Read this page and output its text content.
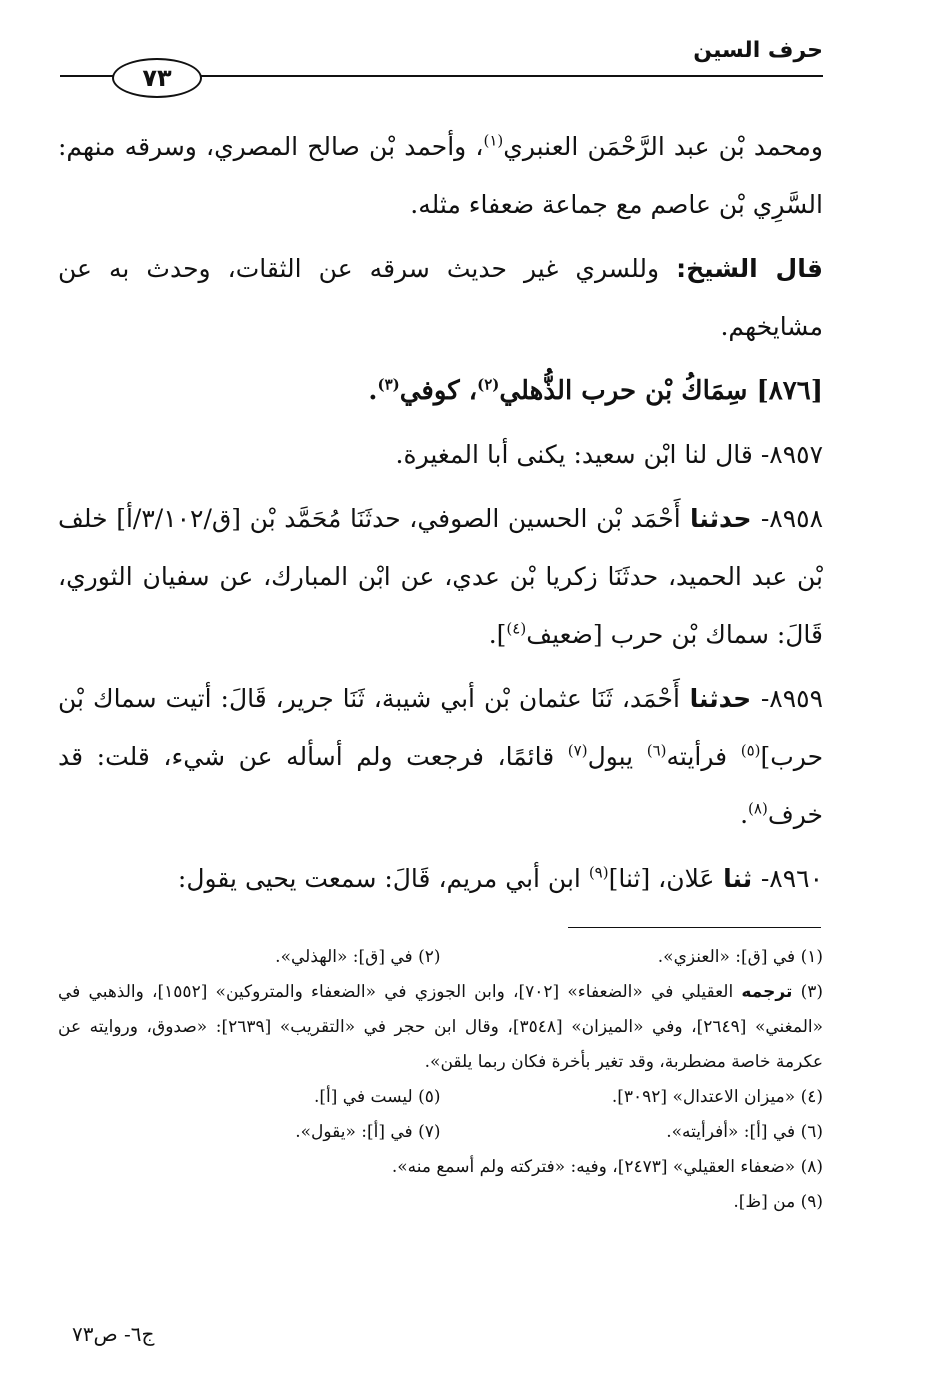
حرف السين
٧٣

ومحمد بْن عبد الرَّحْمَن العنبري$^{(١)}$، وأحمد بْن صالح المصري، وسرقه منهم: السَّرِي بْن عاصم مع جماعة ضعفاء مثله.

قال الشيخ: وللسري غير حديث سرقه عن الثقات، وحدث به عن مشايخهم.

[٨٧٦] سِمَاكُ بْن حرب الذُّهلي$^{(٢)}$، كوفي$^{(٣)}$.

٨٩٥٧- قال لنا ابْن سعيد: يكنى أبا المغيرة.

٨٩٥٨- حدثنا أَحْمَد بْن الحسين الصوفي، حدثَنَا مُحَمَّد بْن [ق/٣/١٠٢/أ] خلف بْن عبد الحميد، حدثَنَا زكريا بْن عدي، عن ابْن المبارك، عن سفيان الثوري، قَالَ: سماك بْن حرب [ضعيف$^{(٤)}$].

٨٩٥٩- حدثنا أَحْمَد، ثَنَا عثمان بْن أبي شيبة، ثَنَا جرير، قَالَ: أتيت سماك بْن حرب]$^{(٥)}$ فرأيته$^{(٦)}$ يبول$^{(٧)}$ قائمًا، فرجعت ولم أسأله عن شيء، قلت: قد خرف$^{(٨)}$.

٨٩٦٠- ثنا عَلان، [ثنا]$^{(٩)}$ ابن أبي مريم، قَالَ: سمعت يحيى يقول:

(١) في [ق]: «العنزي».
(٢) في [ق]: «الهذلي».

(٣) ترجمه العقيلي في «الضعفاء» [٧٠٢]، وابن الجوزي في «الضعفاء والمتروكين» [١٥٥٢]، والذهبي في «المغني» [٢٦٤٩]، وفي «الميزان» [٣٥٤٨]، وقال ابن حجر في «التقريب» [٢٦٣٩]: «صدوق، وروايته عن عكرمة خاصة مضطربة، وقد تغير بأخرة فكان ربما يلقن».

(٤) «ميزان الاعتدال» [٣٠٩٢].
(٥) ليست في [أ].
(٦) في [أ]: «أفرأيته».
(٧) في [أ]: «يقول».

(٨) «ضعفاء العقيلي» [٢٤٧٣]، وفيه: «فتركته ولم أسمع منه».

(٩) من [ظ].

ج٦- ص٧٣
